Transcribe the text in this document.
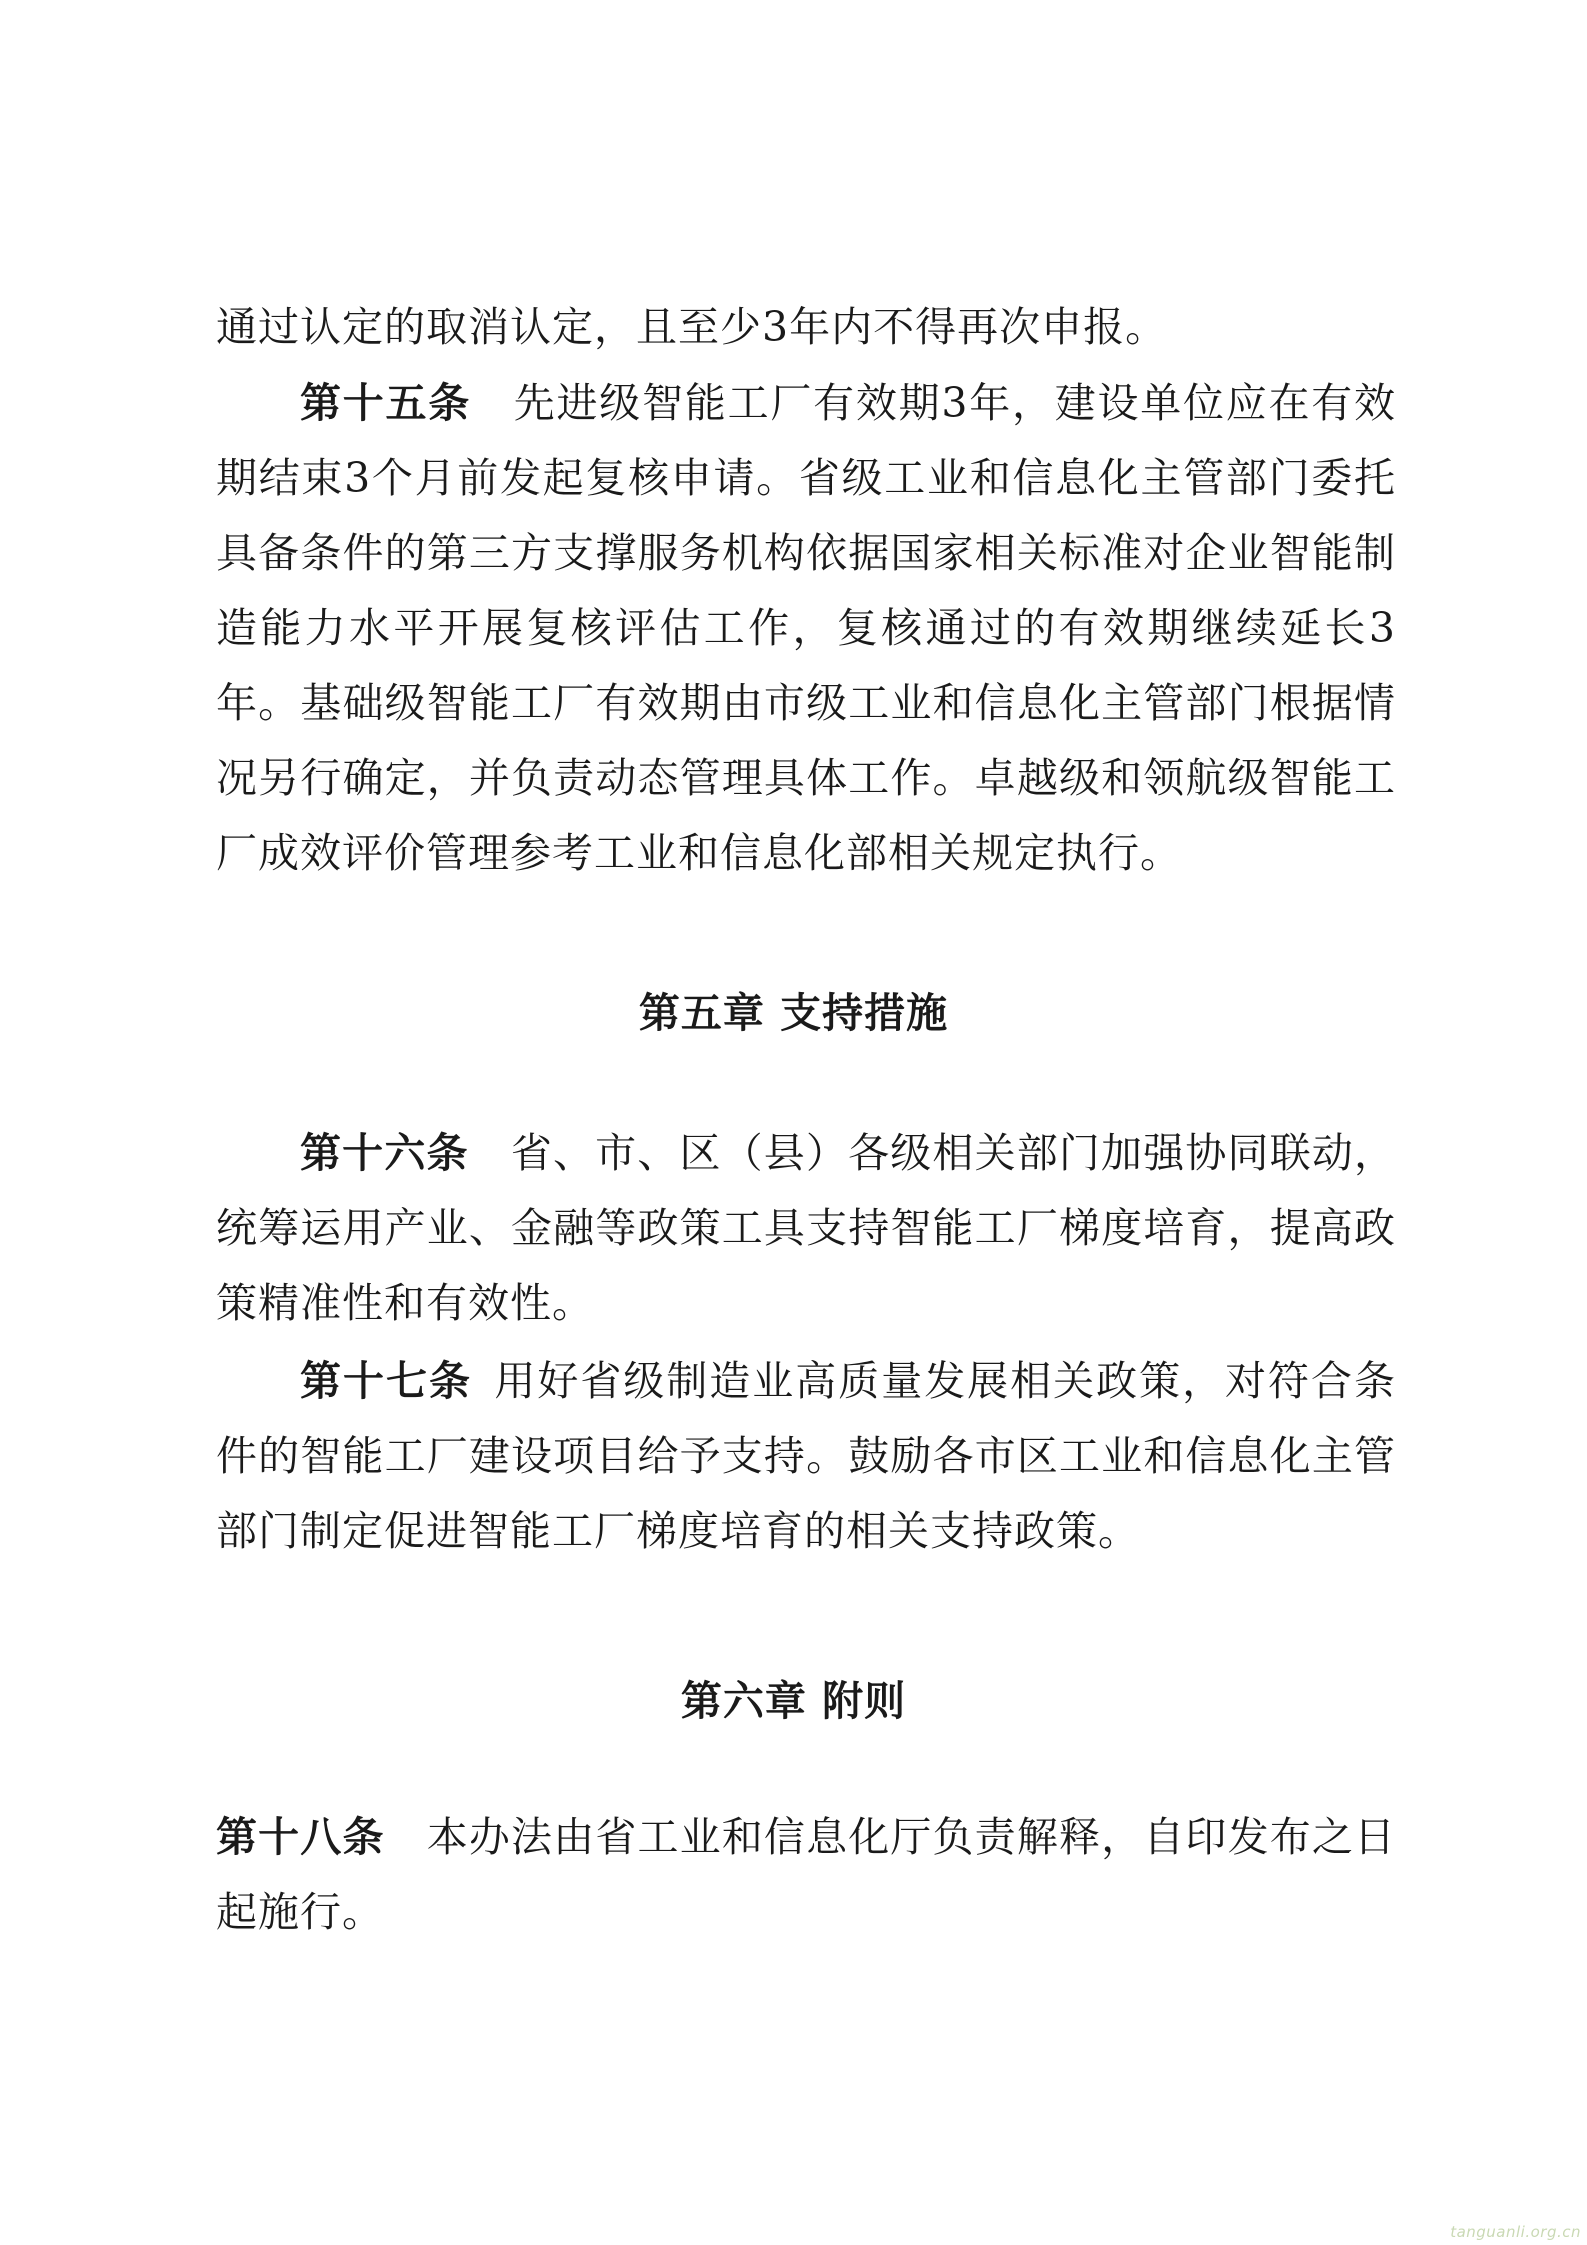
通过认定的取消认定，且至少3年内不得再次申报。

第十五条　 先进级智能工厂有效期3年，建设单位应在有效期结束3个月前发起复核申请。省级工业和信息化主管部门委托具备条件的第三方支撑服务机构依据国家相关标准对企业智能制造能力水平开展复核评估工作，复核通过的有效期继续延长3年。基础级智能工厂有效期由市级工业和信息化主管部门根据情况另行确定，并负责动态管理具体工作。卓越级和领航级智能工厂成效评价管理参考工业和信息化部相关规定执行。

第五章 支持措施

第十六条　 省、市、区（县）各级相关部门加强协同联动，统筹运用产业、金融等政策工具支持智能工厂梯度培育，提高政策精准性和有效性。

第十七条  用好省级制造业高质量发展相关政策，对符合条件的智能工厂建设项目给予支持。鼓励各市区工业和信息化主管部门制定促进智能工厂梯度培育的相关支持政策。

第六章 附则

第十八条　 本办法由省工业和信息化厅负责解释，自印发布之日起施行。

tanguanli.org.cn
